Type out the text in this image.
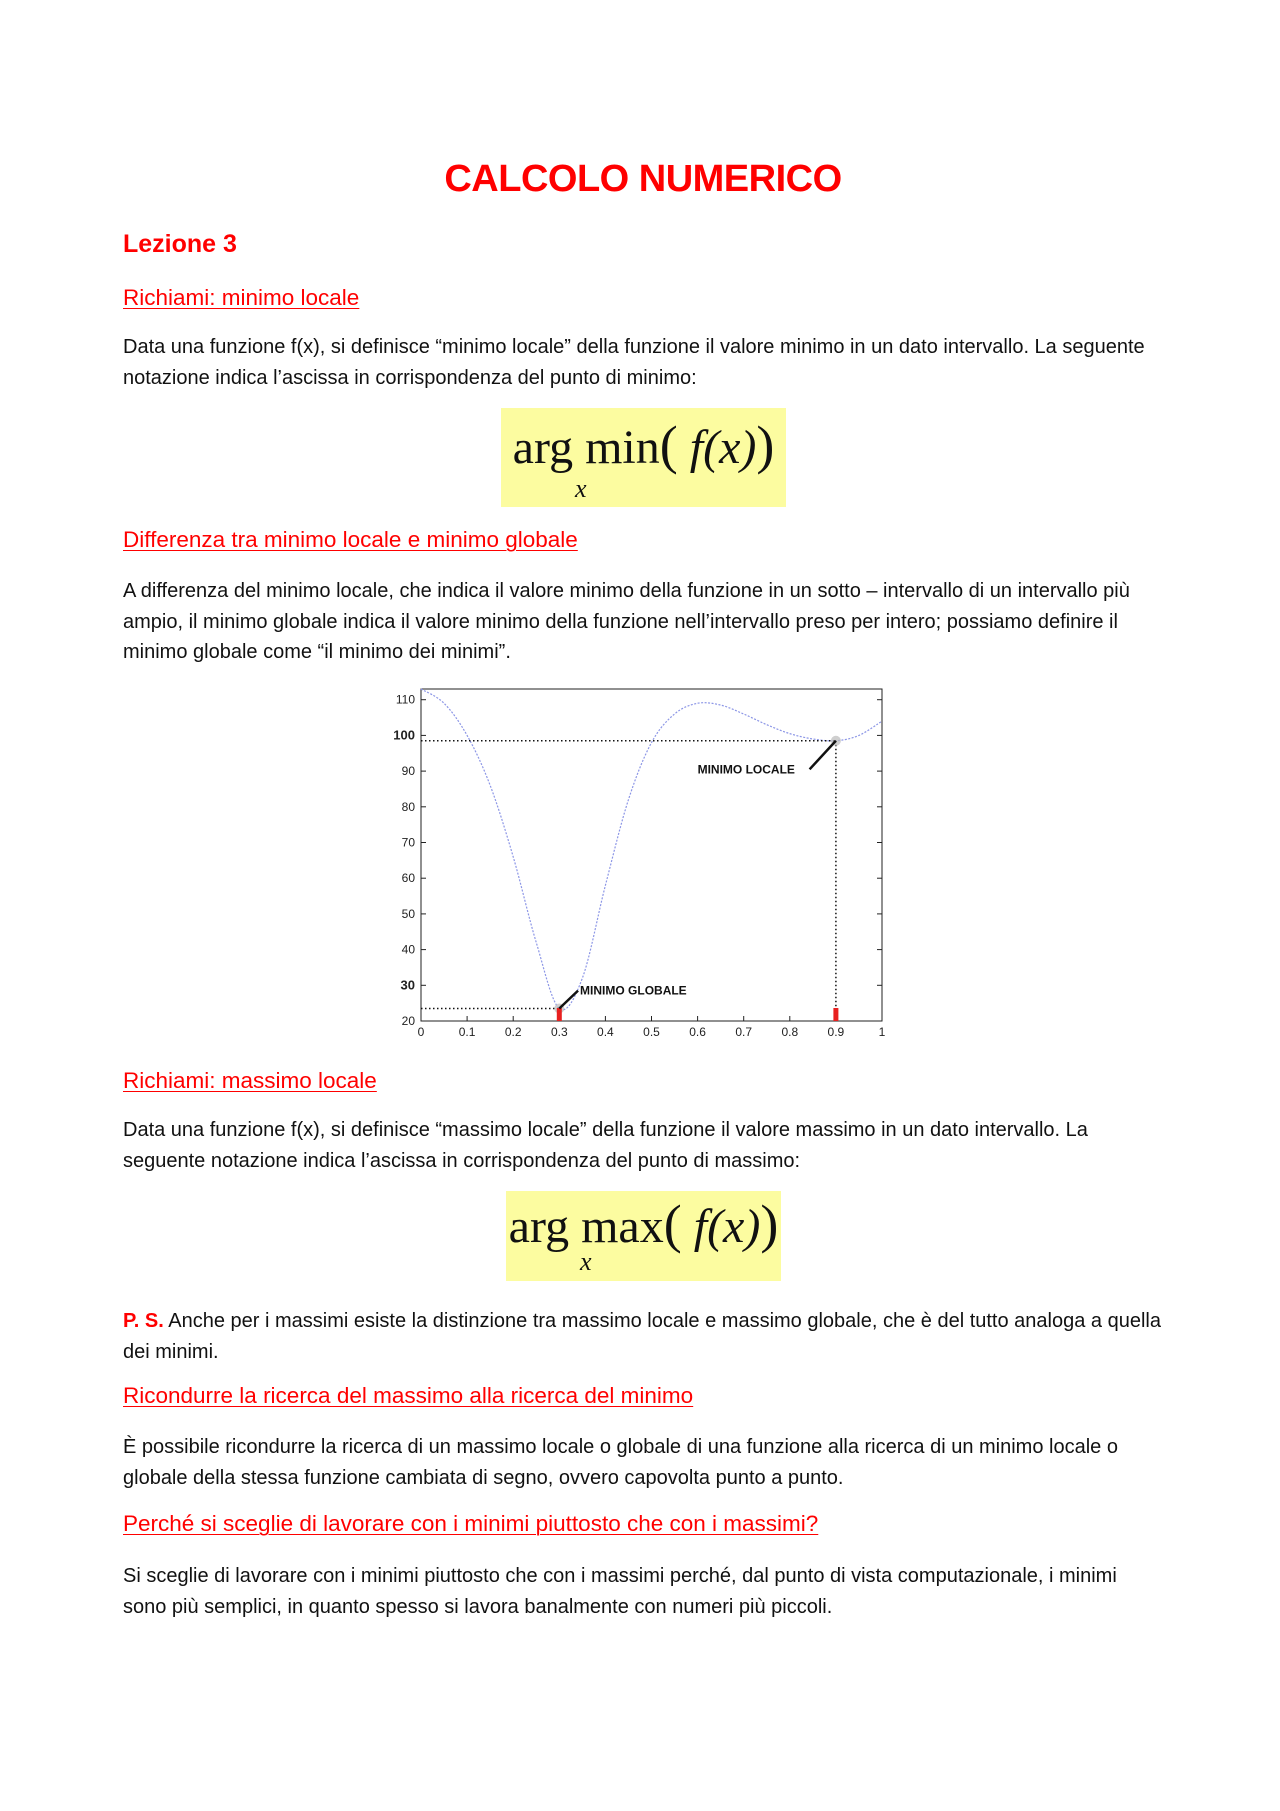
CALCOLO NUMERICO
Lezione 3
Richiami: minimo locale

Data una funzione f(x), si definisce “minimo locale” della funzione il valore minimo in un dato intervallo. La seguente notazione indica l’ascissa in corrispondenza del punto di minimo:

arg min( f(x))
x
Differenza tra minimo locale e minimo globale

A differenza del minimo locale, che indica il valore minimo della funzione in un sotto – intervallo di un intervallo più ampio, il minimo globale indica il valore minimo della funzione nell’intervallo preso per intero; possiamo definire il minimo globale come “il minimo dei minimi”.

Richiami: massimo locale

Data una funzione f(x), si definisce “massimo locale” della funzione il valore massimo in un dato intervallo. La seguente notazione indica l’ascissa in corrispondenza del punto di massimo:

arg max( f(x))
x

P. S. Anche per i massimi esiste la distinzione tra massimo locale e massimo globale, che è del tutto analoga a quella dei minimi.

Ricondurre la ricerca del massimo alla ricerca del minimo

È possibile ricondurre la ricerca di un massimo locale o globale di una funzione alla ricerca di un minimo locale o globale della stessa funzione cambiata di segno, ovvero capovolta punto a punto.

Perché si sceglie di lavorare con i minimi piuttosto che con i massimi?

Si sceglie di lavorare con i minimi piuttosto che con i massimi perché, dal punto di vista computazionale, i minimi sono più semplici, in quanto spesso si lavora banalmente con numeri più piccoli.

20
30
40
50
60
70
80
90
100
110
0	0.1 0.2 0.3 0.4 0.5 0.6 0.7 0.8 0.9	1
MINIMO LOCALE
MINIMO GLOBALE
